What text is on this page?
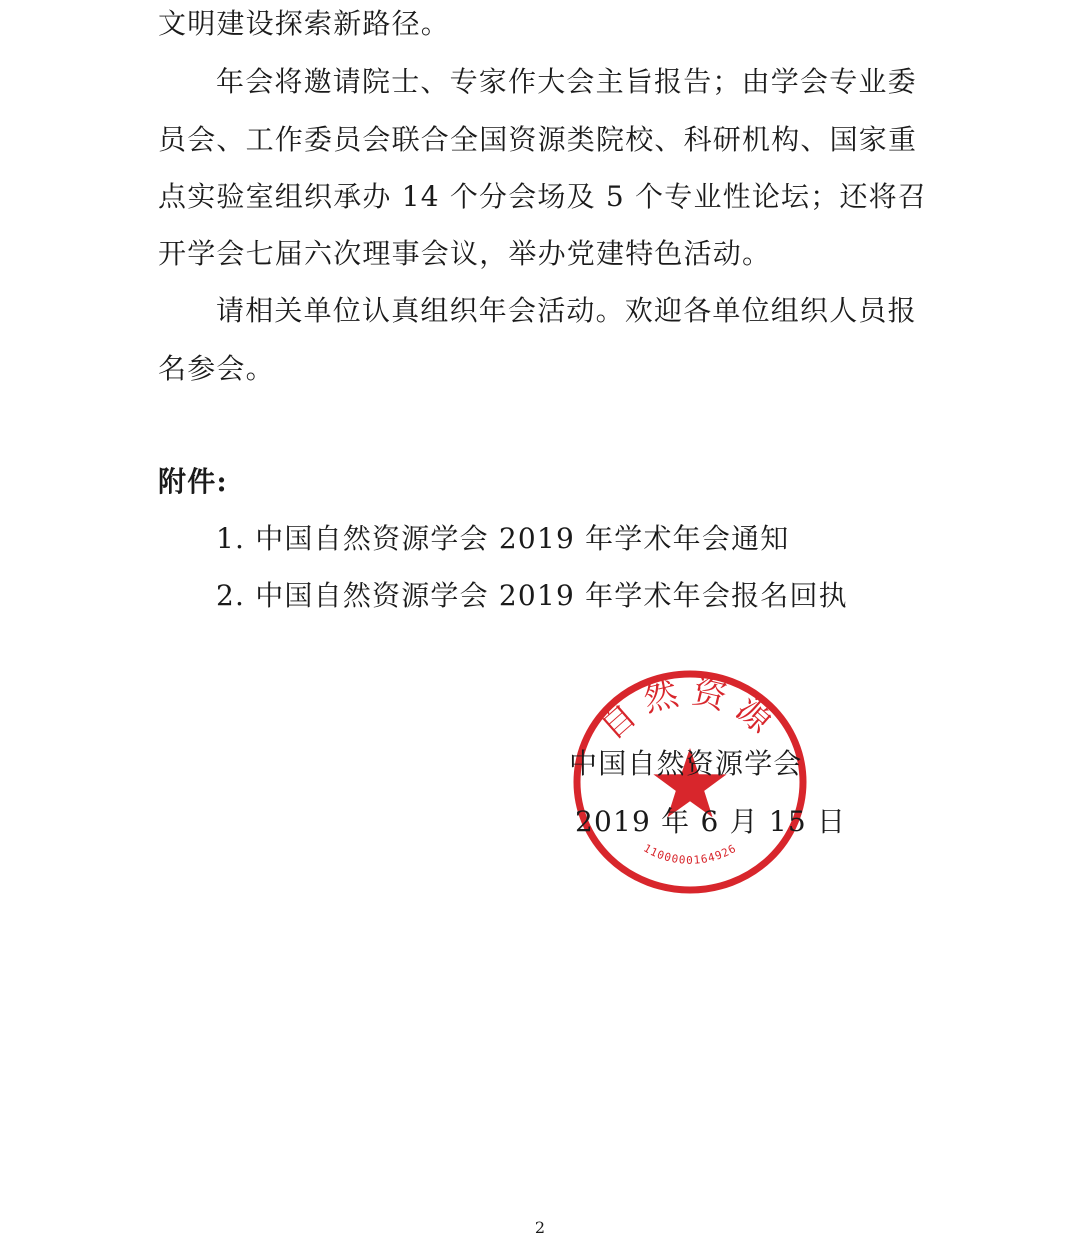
文明建设探索新路径。
年会将邀请院士、专家作大会主旨报告；由学会专业委
员会、工作委员会联合全国资源类院校、科研机构、国家重
点实验室组织承办 14 个分会场及 5 个专业性论坛；还将召
开学会七届六次理事会议，举办党建特色活动。
请相关单位认真组织年会活动。欢迎各单位组织人员报
名参会。
附件:
1. 中国自然资源学会 2019 年学术年会通知
2. 中国自然资源学会 2019 年学术年会报名回执
自然资源
1100000164926
中国自然资源学会
2019 年 6 月 15 日
2
